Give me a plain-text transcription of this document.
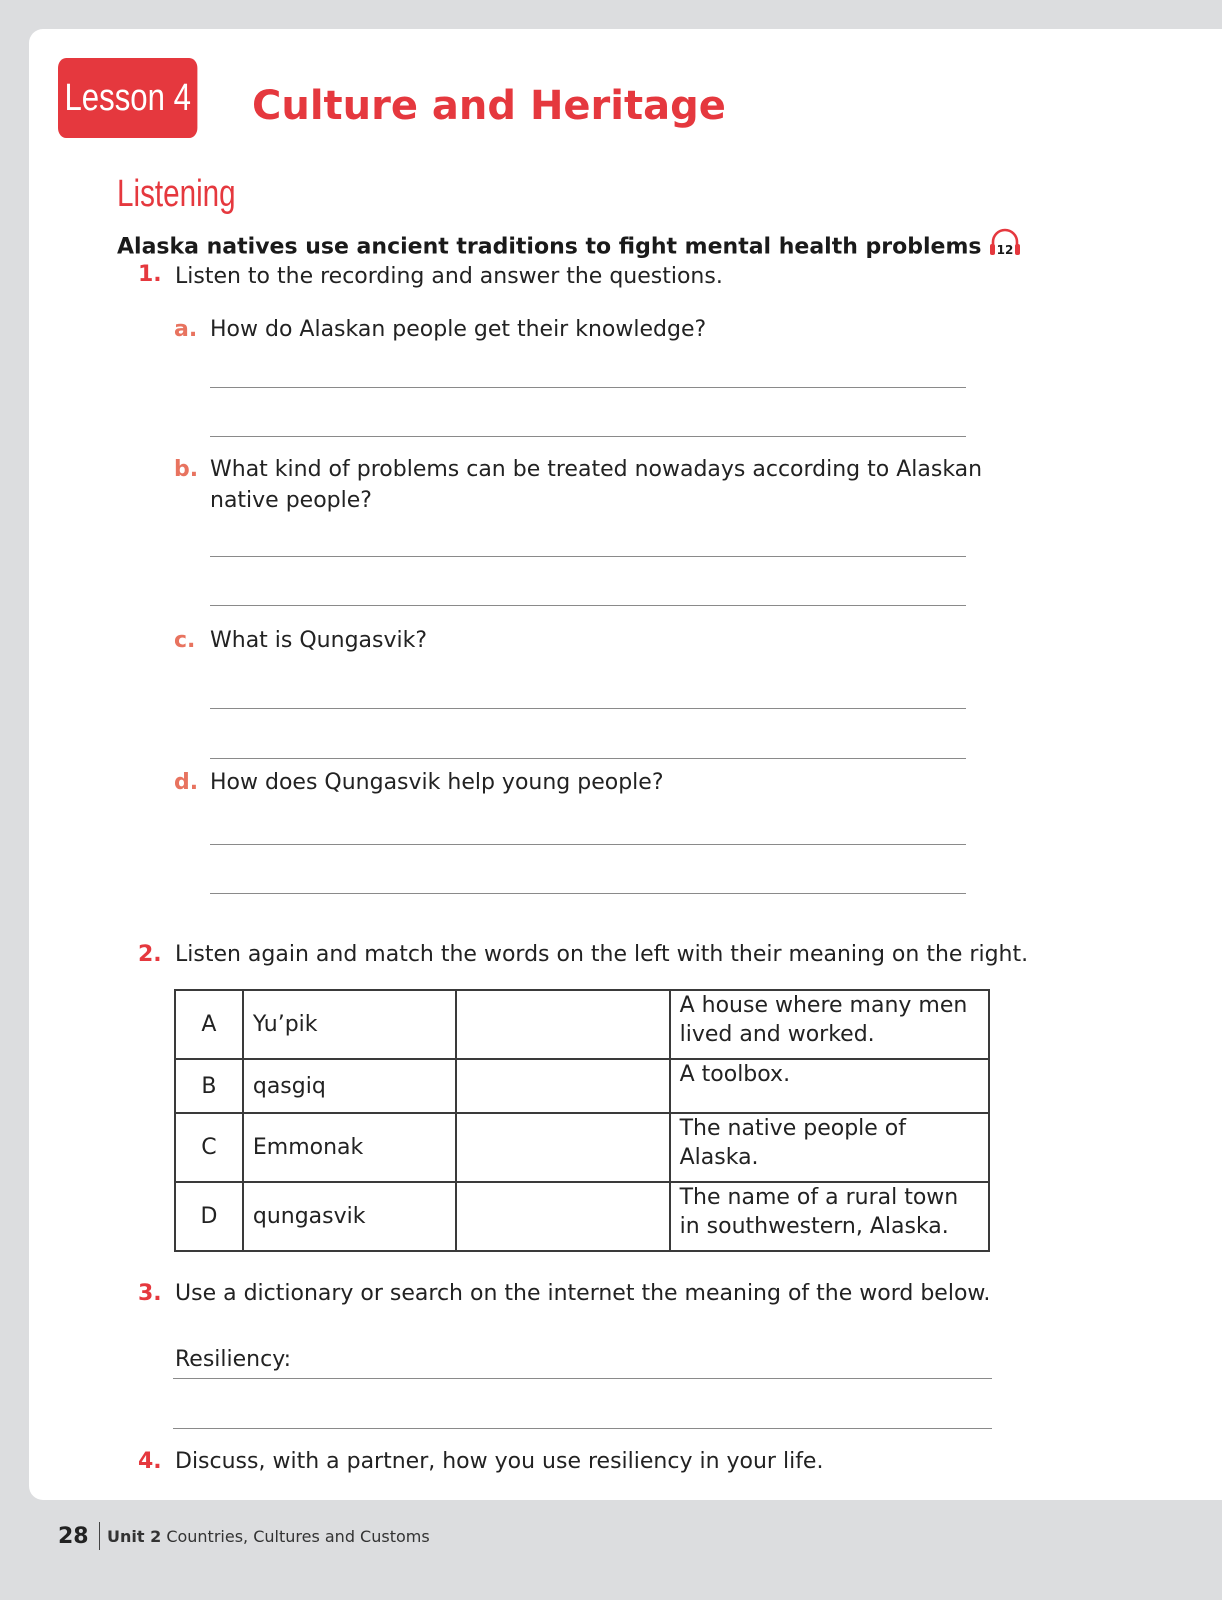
Lesson 4 Culture and Heritage
Listening
Alaska natives use ancient traditions to fight mental health problems 12
1. Listen to the recording and answer the questions.
a. How do Alaskan people get their knowledge?
b. What kind of problems can be treated nowadays according to Alaskan
native people?
c. What is Qungasvik?
d. How does Qungasvik help young people?
2. Listen again and match the words on the left with their meaning on the right.
A	Yu’pik		A house where many men
lived and worked.

B	qasgiq		A toolbox.

C	Emmonak		The native people of
Alaska.

D	qungasvik		The name of a rural town
in southwestern, Alaska.
3. Use a dictionary or search on the internet the meaning of the word below.
Resiliency:
4. Discuss, with a partner, how you use resiliency in your life.
28 Unit 2 Countries, Cultures and Customs
